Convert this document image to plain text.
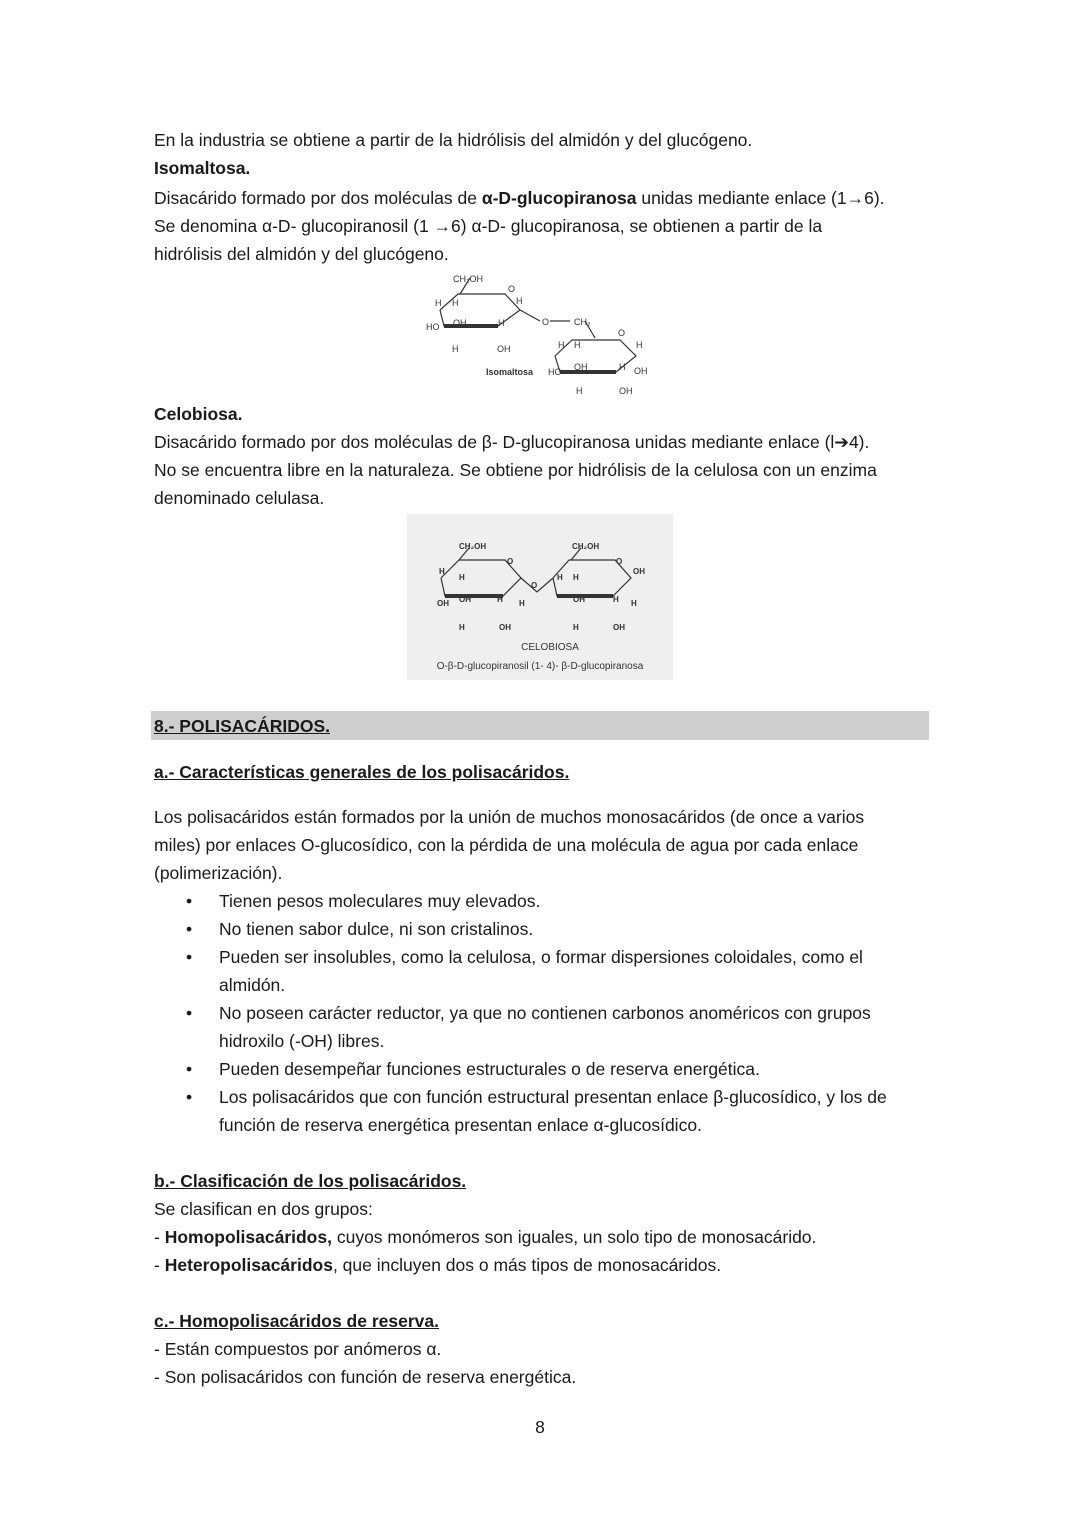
En la industria se obtiene a partir de la hidrólisis del almidón y del glucógeno.
Isomaltosa.
Disacárido formado por dos moléculas de α-D-glucopiranosa unidas mediante enlace (1→6).
Se denomina α-D- glucopiranosil (1 →6) α-D- glucopiranosa, se obtienen a partir de la
hidrólisis del almidón y del glucógeno.
CH₂OH
H H	H
O
HO OH	H
H	OH
O	CH₂
O
H H	H
HO OH	H OH
H	OH
Isomaltosa
Celobiosa.
Disacárido formado por dos moléculas de β- D-glucopiranosa unidas mediante enlace (l➔4).
No se encuentra libre en la naturaleza. Se obtiene por hidrólisis de la celulosa con un enzima
denominado celulasa.
CH₂OH	CH₂OH
H
H
O	O
OH OH	H H
O
H H
OH
OH	H H
H	OH	H	OH
CELOBIOSA
O-β-D-glucopiranosil (1- 4)- β-D-glucopiranosa
8.- POLISACÁRIDOS.
a.- Características generales de los polisacáridos.
Los polisacáridos están formados por la unión de muchos monosacáridos (de once a varios
miles) por enlaces O-glucosídico, con la pérdida de una molécula de agua por cada enlace
(polimerización).
• Tienen pesos moleculares muy elevados.
• No tienen sabor dulce, ni son cristalinos.
• Pueden ser insolubles, como la celulosa, o formar dispersiones coloidales, como el
almidón.
• No poseen carácter reductor, ya que no contienen carbonos anoméricos con grupos
hidroxilo (-OH) libres.
• Pueden desempeñar funciones estructurales o de reserva energética.
• Los polisacáridos que con función estructural presentan enlace β-glucosídico, y los de
función de reserva energética presentan enlace α-glucosídico.
b.- Clasificación de los polisacáridos.
Se clasifican en dos grupos:
- Homopolisacáridos, cuyos monómeros son iguales, un solo tipo de monosacárido.
- Heteropolisacáridos, que incluyen dos o más tipos de monosacáridos.
c.- Homopolisacáridos de reserva.
- Están compuestos por anómeros α.
- Son polisacáridos con función de reserva energética.
8
